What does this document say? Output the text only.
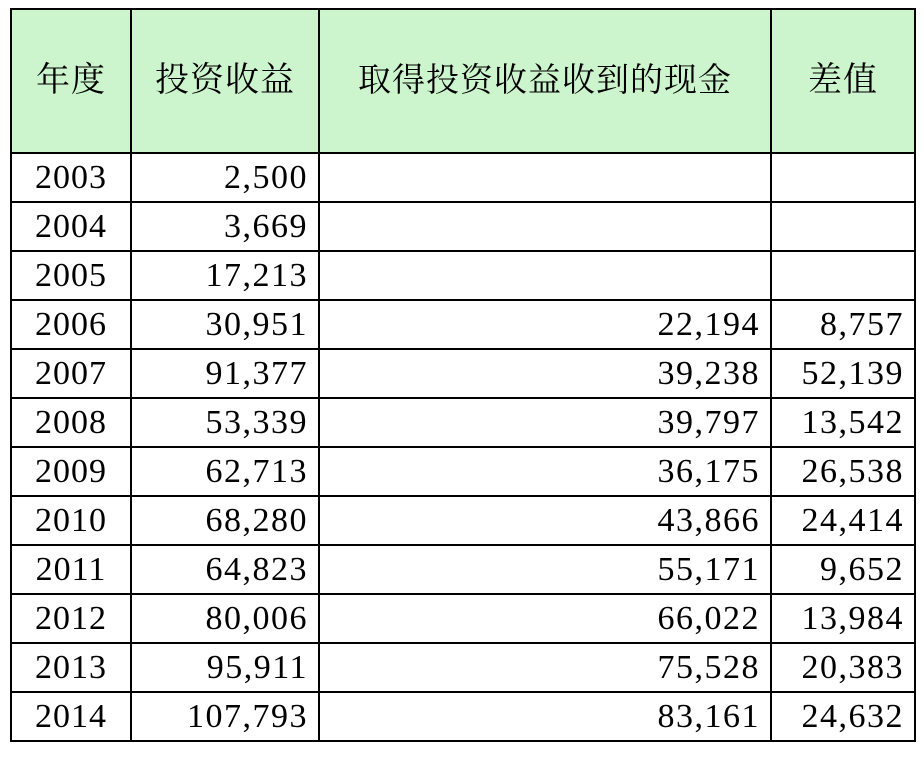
年度	投资收益	取得投资收益收到的现金	差值
2003	2,500		
2004	3,669		
2005	17,213		
2006	30,951	22,194	8,757
2007	91,377	39,238	52,139
2008	53,339	39,797	13,542
2009	62,713	36,175	26,538
2010	68,280	43,866	24,414
2011	64,823	55,171	9,652
2012	80,006	66,022	13,984
2013	95,911	75,528	20,383
2014	107,793	83,161	24,632
